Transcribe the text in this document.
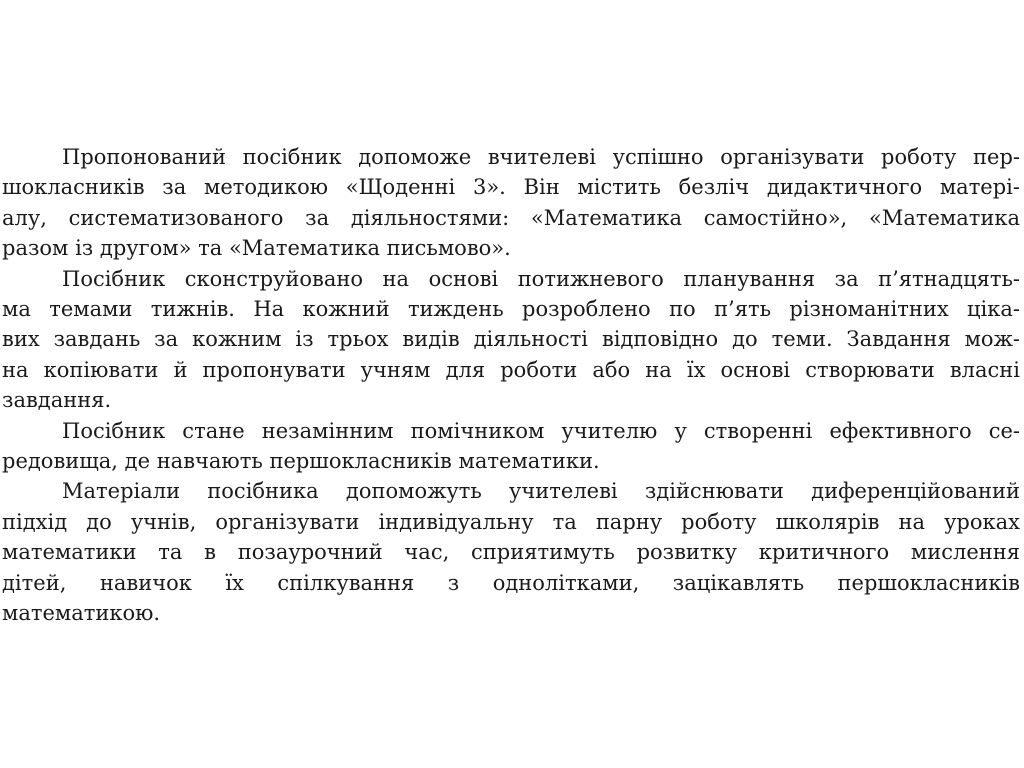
Пропонований посібник допоможе вчителеві успішно організувати роботу пер-
шокласників за методикою «Щоденні 3». Він містить безліч дидактичного матері-
алу, систематизованого за діяльностями: «Математика самостійно», «Математика
разом із другом» та «Математика письмово».
Посібник сконструйовано на основі потижневого планування за п’ятнадцять-
ма темами тижнів. На кожний тиждень розроблено по п’ять різноманітних ціка-
вих завдань за кожним із трьох видів діяльності відповідно до теми. Завдання мож-
на копіювати й пропонувати учням для роботи або на їх основі створювати власні
завдання.
Посібник стане незамінним помічником учителю у створенні ефективного се-
редовища, де навчають першокласників математики.
Матеріали посібника допоможуть учителеві здійснювати диференційований
підхід до учнів, організувати індивідуальну та парну роботу школярів на уроках
математики та в позаурочний час, сприятимуть розвитку критичного мислення
дітей, навичок їх спілкування з однолітками, зацікавлять першокласників
математикою.
